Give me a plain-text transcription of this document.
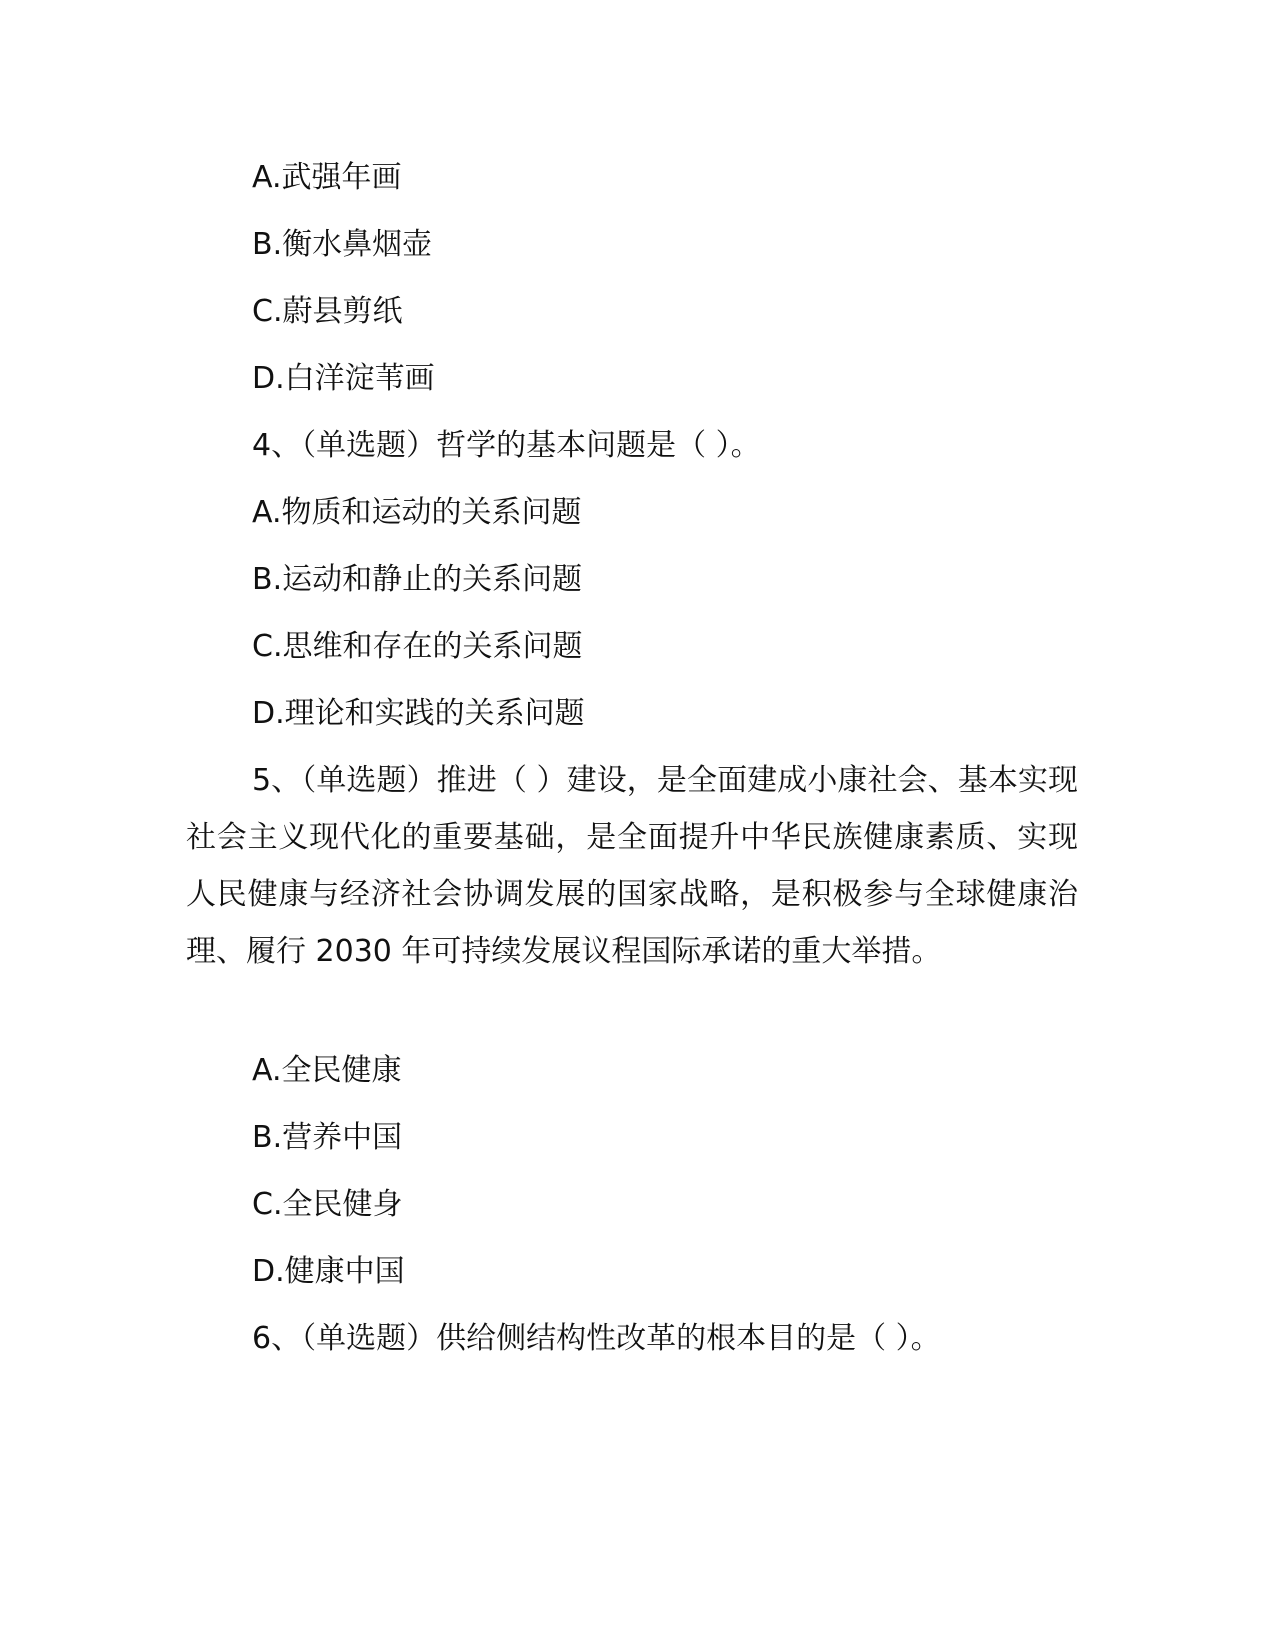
A.武强年画
B.衡水鼻烟壶
C.蔚县剪纸
D.白洋淀苇画
4、（单选题）哲学的基本问题是（ ）。
A.物质和运动的关系问题
B.运动和静止的关系问题
C.思维和存在的关系问题
D.理论和实践的关系问题

5、（单选题）推进（ ）建设，是全面建成小康社会、基本实现社会主义现代化的重要基础，是全面提升中华民族健康素质、实现人民健康与经济社会协调发展的国家战略，是积极参与全球健康治理、履行 2030 年可持续发展议程国际承诺的重大举措。

A.全民健康
B.营养中国
C.全民健身
D.健康中国
6、（单选题）供给侧结构性改革的根本目的是（ ）。
